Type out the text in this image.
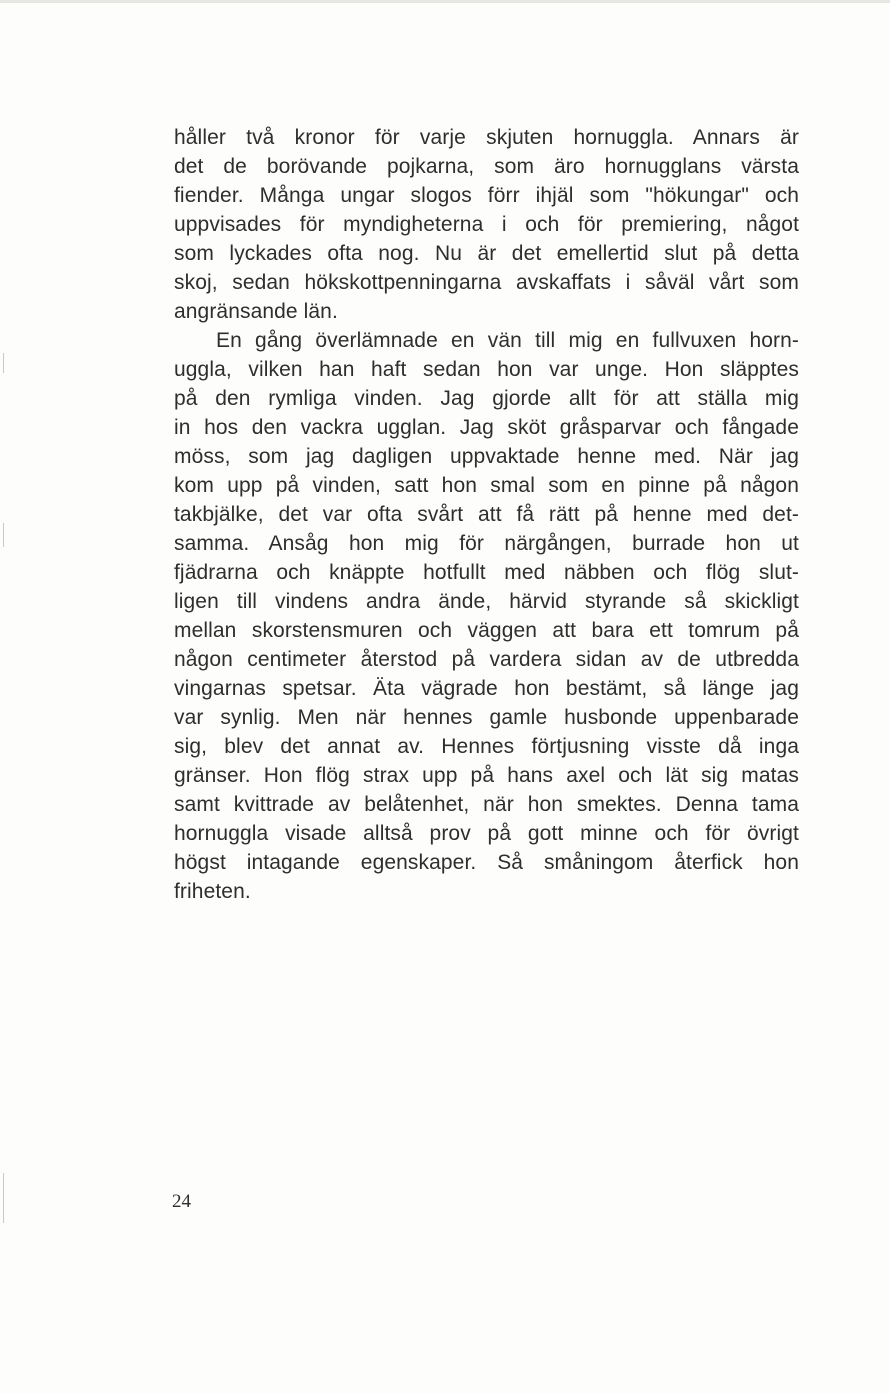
håller två kronor för varje skjuten hornuggla. Annars är
det de borövande pojkarna, som äro hornugglans värsta
fiender. Många ungar slogos förr ihjäl som "hökungar" och
uppvisades för myndigheterna i och för premiering, något
som lyckades ofta nog. Nu är det emellertid slut på detta
skoj, sedan hökskottpenningarna avskaffats i såväl vårt som
angränsande län.
En gång överlämnade en vän till mig en fullvuxen horn-
uggla, vilken han haft sedan hon var unge. Hon släpptes
på den rymliga vinden. Jag gjorde allt för att ställa mig
in hos den vackra ugglan. Jag sköt gråsparvar och fångade
möss, som jag dagligen uppvaktade henne med. När jag
kom upp på vinden, satt hon smal som en pinne på någon
takbjälke, det var ofta svårt att få rätt på henne med det-
samma. Ansåg hon mig för närgången, burrade hon ut
fjädrarna och knäppte hotfullt med näbben och flög slut-
ligen till vindens andra ände, härvid styrande så skickligt
mellan skorstensmuren och väggen att bara ett tomrum på
någon centimeter återstod på vardera sidan av de utbredda
vingarnas spetsar. Äta vägrade hon bestämt, så länge jag
var synlig. Men när hennes gamle husbonde uppenbarade
sig, blev det annat av. Hennes förtjusning visste då inga
gränser. Hon flög strax upp på hans axel och lät sig matas
samt kvittrade av belåtenhet, när hon smektes. Denna tama
hornuggla visade alltså prov på gott minne och för övrigt
högst intagande egenskaper. Så småningom återfick hon
friheten.
24
